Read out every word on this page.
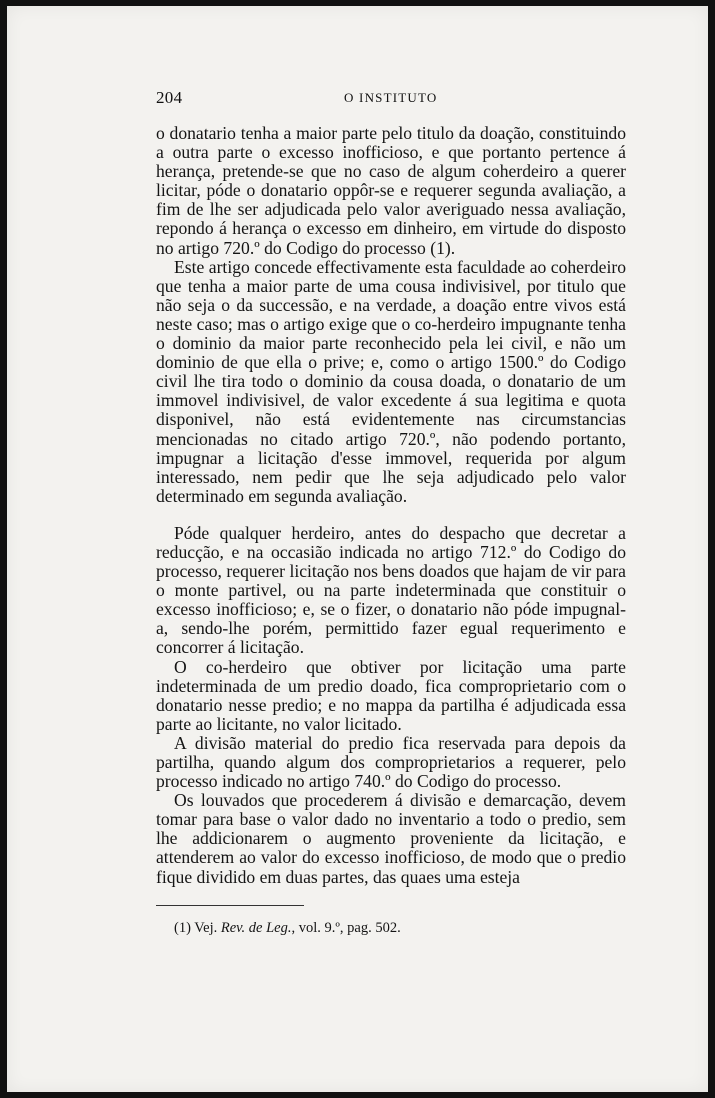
204	O INSTITUTO

o donatario tenha a maior parte pelo titulo da doação, constituindo a outra parte o excesso inofficioso, e que portanto pertence á herança, pretende-se que no caso de algum coherdeiro a querer licitar, póde o donatario oppôr-se e requerer segunda avaliação, a fim de lhe ser adjudicada pelo valor averiguado nessa avaliação, repondo á herança o excesso em dinheiro, em virtude do disposto no artigo 720.º do Codigo do processo (1).

Este artigo concede effectivamente esta faculdade ao coherdeiro que tenha a maior parte de uma cousa indivisivel, por titulo que não seja o da successão, e na verdade, a doação entre vivos está neste caso; mas o artigo exige que o co-herdeiro impugnante tenha o dominio da maior parte reconhecido pela lei civil, e não um dominio de que ella o prive; e, como o artigo 1500.º do Codigo civil lhe tira todo o dominio da cousa doada, o donatario de um immovel indivisivel, de valor excedente á sua legitima e quota disponivel, não está evidentemente nas circumstancias mencionadas no citado artigo 720.º, não podendo portanto, impugnar a licitação d'esse immovel, requerida por algum interessado, nem pedir que lhe seja adjudicado pelo valor determinado em segunda avaliação.

Póde qualquer herdeiro, antes do despacho que decretar a reducção, e na occasião indicada no artigo 712.º do Codigo do processo, requerer licitação nos bens doados que hajam de vir para o monte partivel, ou na parte indeterminada que constituir o excesso inofficioso; e, se o fizer, o donatario não póde impugnal-a, sendo-lhe porém, permittido fazer egual requerimento e concorrer á licitação.

O co-herdeiro que obtiver por licitação uma parte indeterminada de um predio doado, fica comproprietario com o donatario nesse predio; e no mappa da partilha é adjudicada essa parte ao licitante, no valor licitado.

A divisão material do predio fica reservada para depois da partilha, quando algum dos comproprietarios a requerer, pelo processo indicado no artigo 740.º do Codigo do processo.

Os louvados que procederem á divisão e demarcação, devem tomar para base o valor dado no inventario a todo o predio, sem lhe addicionarem o augmento proveniente da licitação, e attenderem ao valor do excesso inofficioso, de modo que o predio fique dividido em duas partes, das quaes uma esteja

(1) Vej. Rev. de Leg., vol. 9.º, pag. 502.
